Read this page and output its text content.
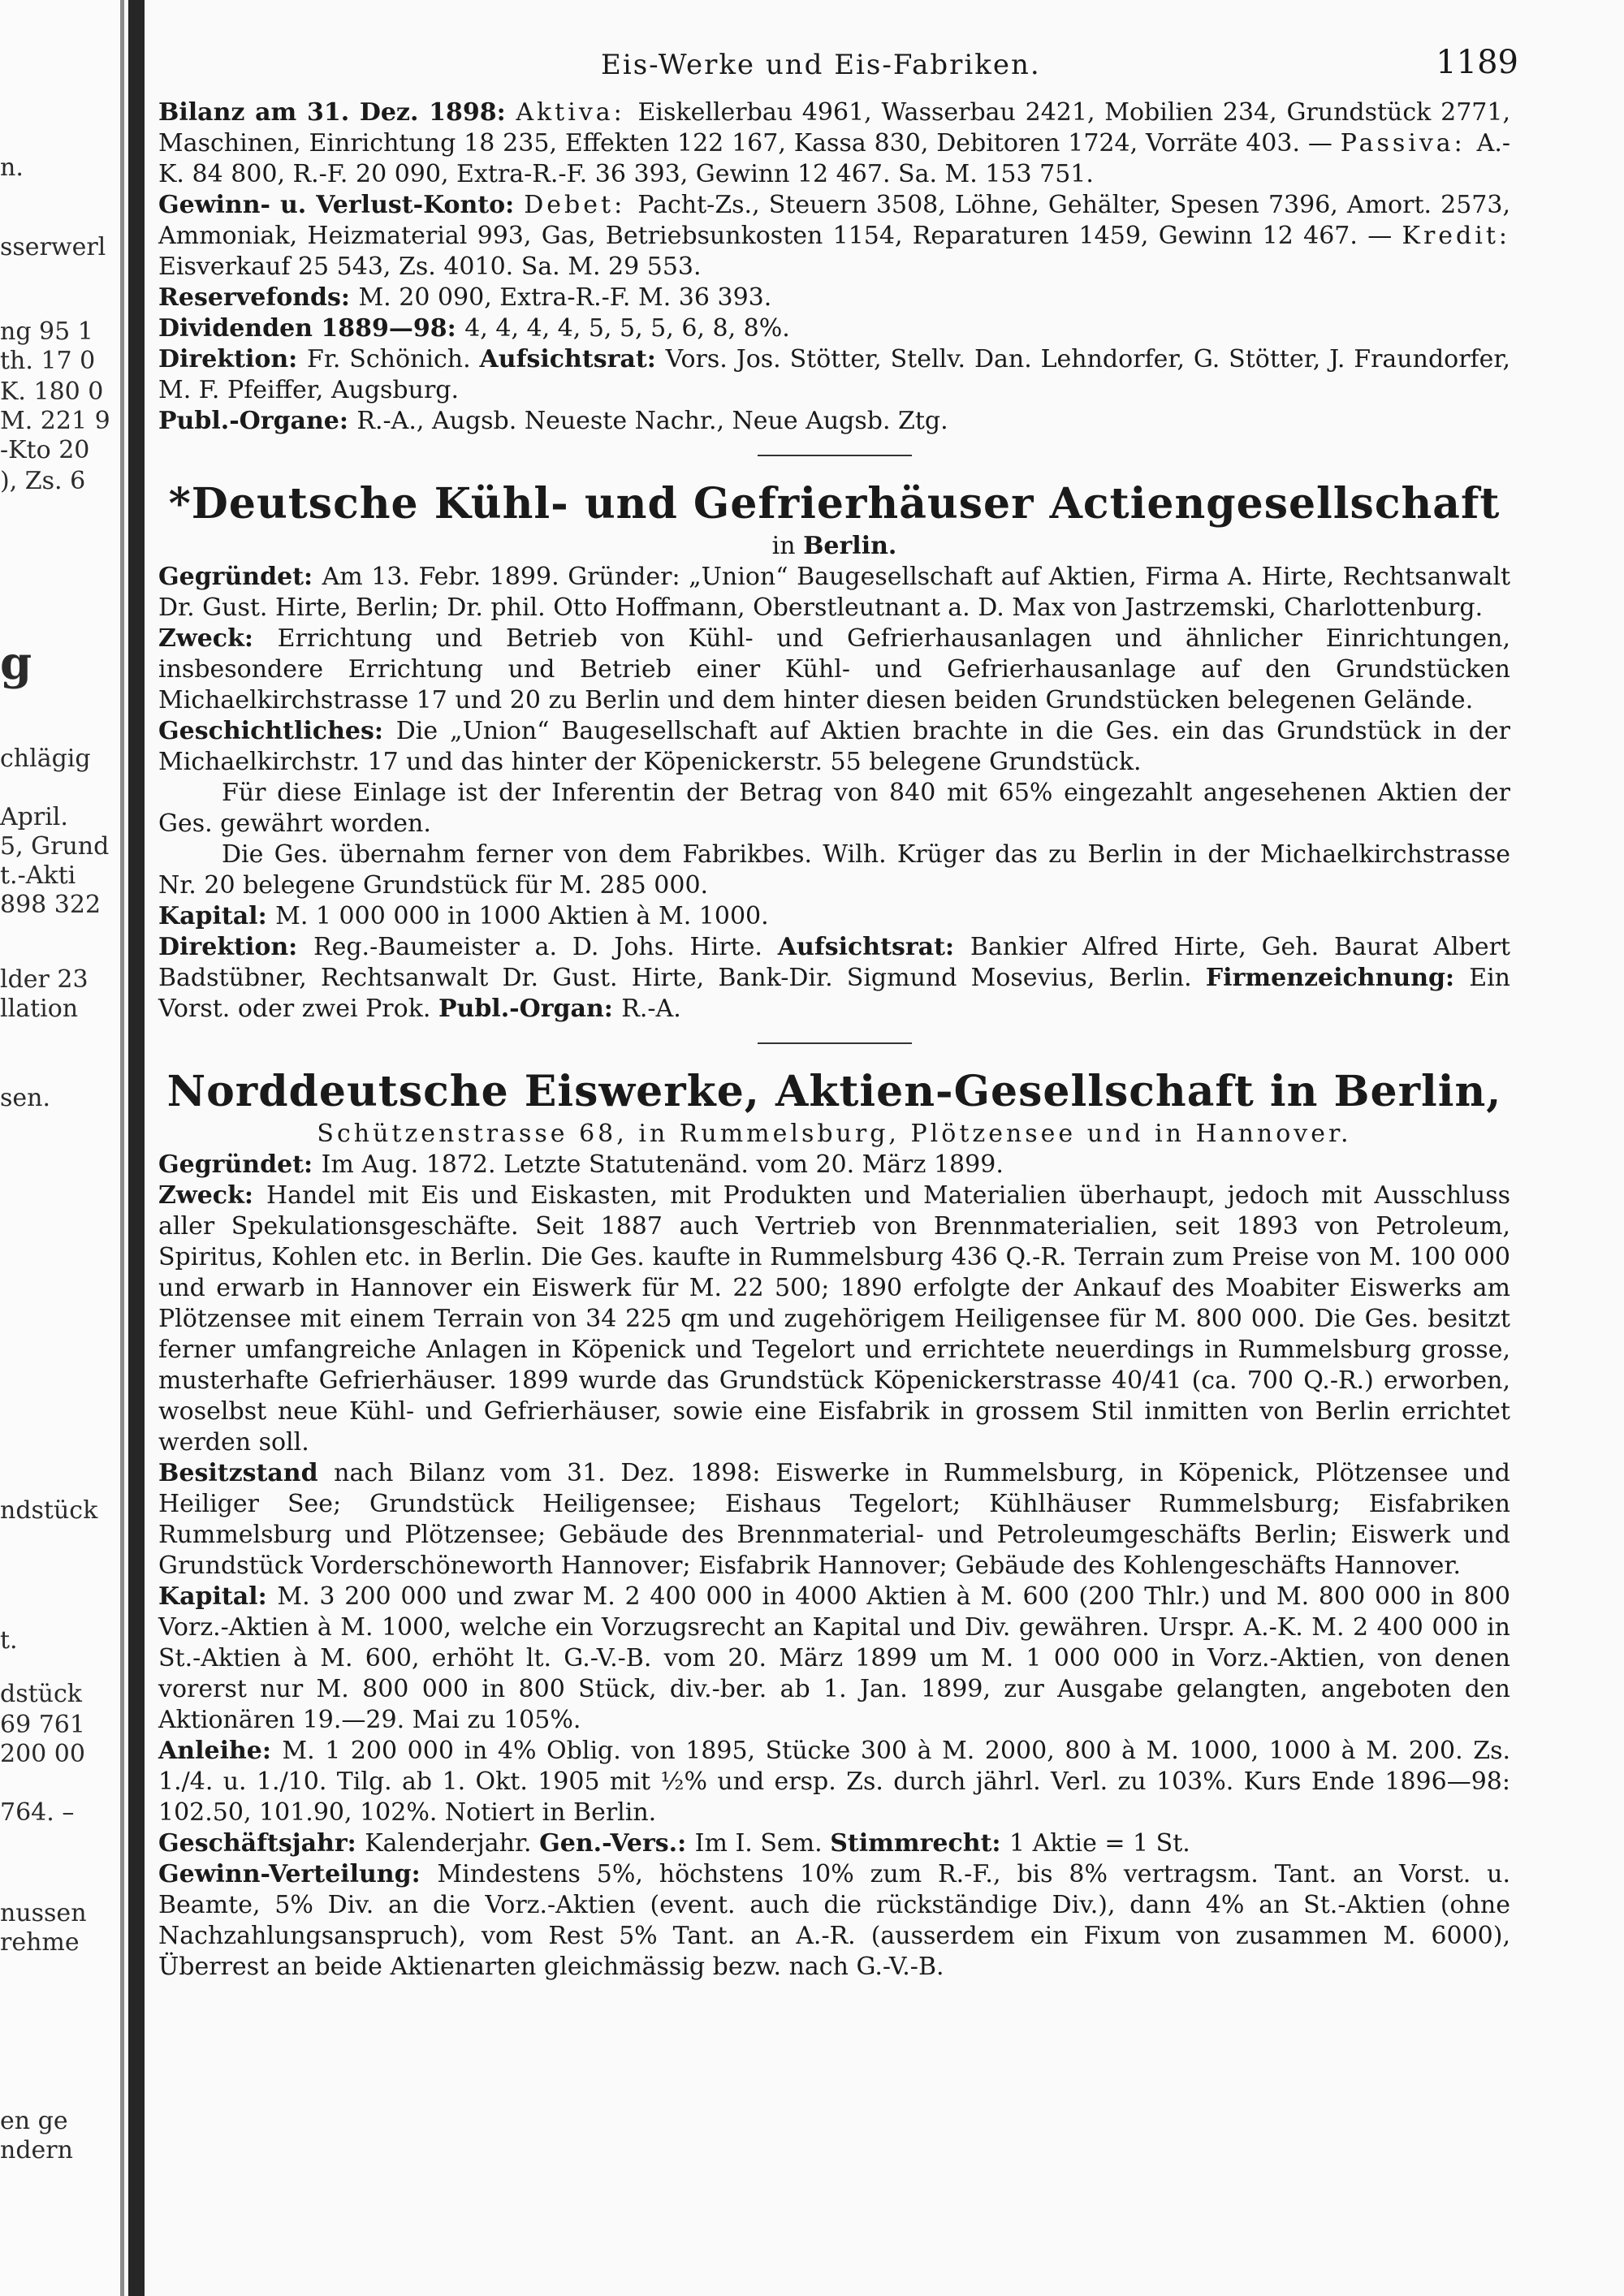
n.
sserwerl
ng 95 1
th. 17 0
K. 180 0
M. 221 9
-Kto 20
), Zs. 6
g
chlägig
April.
5, Grund
t.-Akti
898 322
lder 23
llation
sen.
ndstück
t.
dstück
69 761
200 00
764. –
nussen
rehme
en ge
ndern
Eis-Werke und Eis-Fabriken.	1189

Bilanz am 31. Dez. 1898: Aktiva: Eiskellerbau 4961, Wasserbau 2421, Mobilien 234, Grundstück 2771, Maschinen, Einrichtung 18 235, Effekten 122 167, Kassa 830, Debitoren 1724, Vorräte 403. — Passiva: A.-K. 84 800, R.-F. 20 090, Extra-R.-F. 36 393, Gewinn 12 467. Sa. M. 153 751.

Gewinn- u. Verlust-Konto: Debet: Pacht-Zs., Steuern 3508, Löhne, Gehälter, Spesen 7396, Amort. 2573, Ammoniak, Heizmaterial 993, Gas, Betriebsunkosten 1154, Reparaturen 1459, Gewinn 12 467. — Kredit: Eisverkauf 25 543, Zs. 4010. Sa. M. 29 553.

Reservefonds: M. 20 090, Extra-R.-F. M. 36 393.

Dividenden 1889—98: 4, 4, 4, 4, 5, 5, 5, 6, 8, 8%.

Direktion: Fr. Schönich. Aufsichtsrat: Vors. Jos. Stötter, Stellv. Dan. Lehndorfer, G. Stötter, J. Fraundorfer, M. F. Pfeiffer, Augsburg.

Publ.-Organe: R.-A., Augsb. Neueste Nachr., Neue Augsb. Ztg.

*Deutsche Kühl- und Gefrierhäuser Actiengesellschaft

in Berlin.

Gegründet: Am 13. Febr. 1899. Gründer: „Union“ Baugesellschaft auf Aktien, Firma A. Hirte, Rechtsanwalt Dr. Gust. Hirte, Berlin; Dr. phil. Otto Hoffmann, Oberstleutnant a. D. Max von Jastrzemski, Charlottenburg.

Zweck: Errichtung und Betrieb von Kühl- und Gefrierhausanlagen und ähnlicher Einrichtungen, insbesondere Errichtung und Betrieb einer Kühl- und Gefrierhausanlage auf den Grundstücken Michaelkirchstrasse 17 und 20 zu Berlin und dem hinter diesen beiden Grundstücken belegenen Gelände.

Geschichtliches: Die „Union“ Baugesellschaft auf Aktien brachte in die Ges. ein das Grundstück in der Michaelkirchstr. 17 und das hinter der Köpenickerstr. 55 belegene Grundstück.

Für diese Einlage ist der Inferentin der Betrag von 840 mit 65% eingezahlt angesehenen Aktien der Ges. gewährt worden.

Die Ges. übernahm ferner von dem Fabrikbes. Wilh. Krüger das zu Berlin in der Michaelkirchstrasse Nr. 20 belegene Grundstück für M. 285 000.

Kapital: M. 1 000 000 in 1000 Aktien à M. 1000.

Direktion: Reg.-Baumeister a. D. Johs. Hirte. Aufsichtsrat: Bankier Alfred Hirte, Geh. Baurat Albert Badstübner, Rechtsanwalt Dr. Gust. Hirte, Bank-Dir. Sigmund Mosevius, Berlin. Firmenzeichnung: Ein Vorst. oder zwei Prok. Publ.-Organ: R.-A.

Norddeutsche Eiswerke, Aktien-Gesellschaft in Berlin,

Schützenstrasse 68, in Rummelsburg, Plötzensee und in Hannover.

Gegründet: Im Aug. 1872. Letzte Statutenänd. vom 20. März 1899.

Zweck: Handel mit Eis und Eiskasten, mit Produkten und Materialien überhaupt, jedoch mit Ausschluss aller Spekulationsgeschäfte. Seit 1887 auch Vertrieb von Brennmaterialien, seit 1893 von Petroleum, Spiritus, Kohlen etc. in Berlin. Die Ges. kaufte in Rummelsburg 436 Q.-R. Terrain zum Preise von M. 100 000 und erwarb in Hannover ein Eiswerk für M. 22 500; 1890 erfolgte der Ankauf des Moabiter Eiswerks am Plötzensee mit einem Terrain von 34 225 qm und zugehörigem Heiligensee für M. 800 000. Die Ges. besitzt ferner umfangreiche Anlagen in Köpenick und Tegelort und errichtete neuerdings in Rummelsburg grosse, musterhafte Gefrierhäuser. 1899 wurde das Grundstück Köpenickerstrasse 40/41 (ca. 700 Q.-R.) erworben, woselbst neue Kühl- und Gefrierhäuser, sowie eine Eisfabrik in grossem Stil inmitten von Berlin errichtet werden soll.

Besitzstand nach Bilanz vom 31. Dez. 1898: Eiswerke in Rummelsburg, in Köpenick, Plötzensee und Heiliger See; Grundstück Heiligensee; Eishaus Tegelort; Kühlhäuser Rummelsburg; Eisfabriken Rummelsburg und Plötzensee; Gebäude des Brennmaterial- und Petroleumgeschäfts Berlin; Eiswerk und Grundstück Vorderschöneworth Hannover; Eisfabrik Hannover; Gebäude des Kohlengeschäfts Hannover.

Kapital: M. 3 200 000 und zwar M. 2 400 000 in 4000 Aktien à M. 600 (200 Thlr.) und M. 800 000 in 800 Vorz.-Aktien à M. 1000, welche ein Vorzugsrecht an Kapital und Div. gewähren. Urspr. A.-K. M. 2 400 000 in St.-Aktien à M. 600, erhöht lt. G.-V.-B. vom 20. März 1899 um M. 1 000 000 in Vorz.-Aktien, von denen vorerst nur M. 800 000 in 800 Stück, div.-ber. ab 1. Jan. 1899, zur Ausgabe gelangten, angeboten den Aktionären 19.—29. Mai zu 105%.

Anleihe: M. 1 200 000 in 4% Oblig. von 1895, Stücke 300 à M. 2000, 800 à M. 1000, 1000 à M. 200. Zs. 1./4. u. 1./10. Tilg. ab 1. Okt. 1905 mit ½% und ersp. Zs. durch jährl. Verl. zu 103%. Kurs Ende 1896—98: 102.50, 101.90, 102%. Notiert in Berlin.

Geschäftsjahr: Kalenderjahr. Gen.-Vers.: Im I. Sem. Stimmrecht: 1 Aktie = 1 St.

Gewinn-Verteilung: Mindestens 5%, höchstens 10% zum R.-F., bis 8% vertragsm. Tant. an Vorst. u. Beamte, 5% Div. an die Vorz.-Aktien (event. auch die rückständige Div.), dann 4% an St.-Aktien (ohne Nachzahlungsanspruch), vom Rest 5% Tant. an A.-R. (ausserdem ein Fixum von zusammen M. 6000), Überrest an beide Aktienarten gleichmässig bezw. nach G.-V.-B.
